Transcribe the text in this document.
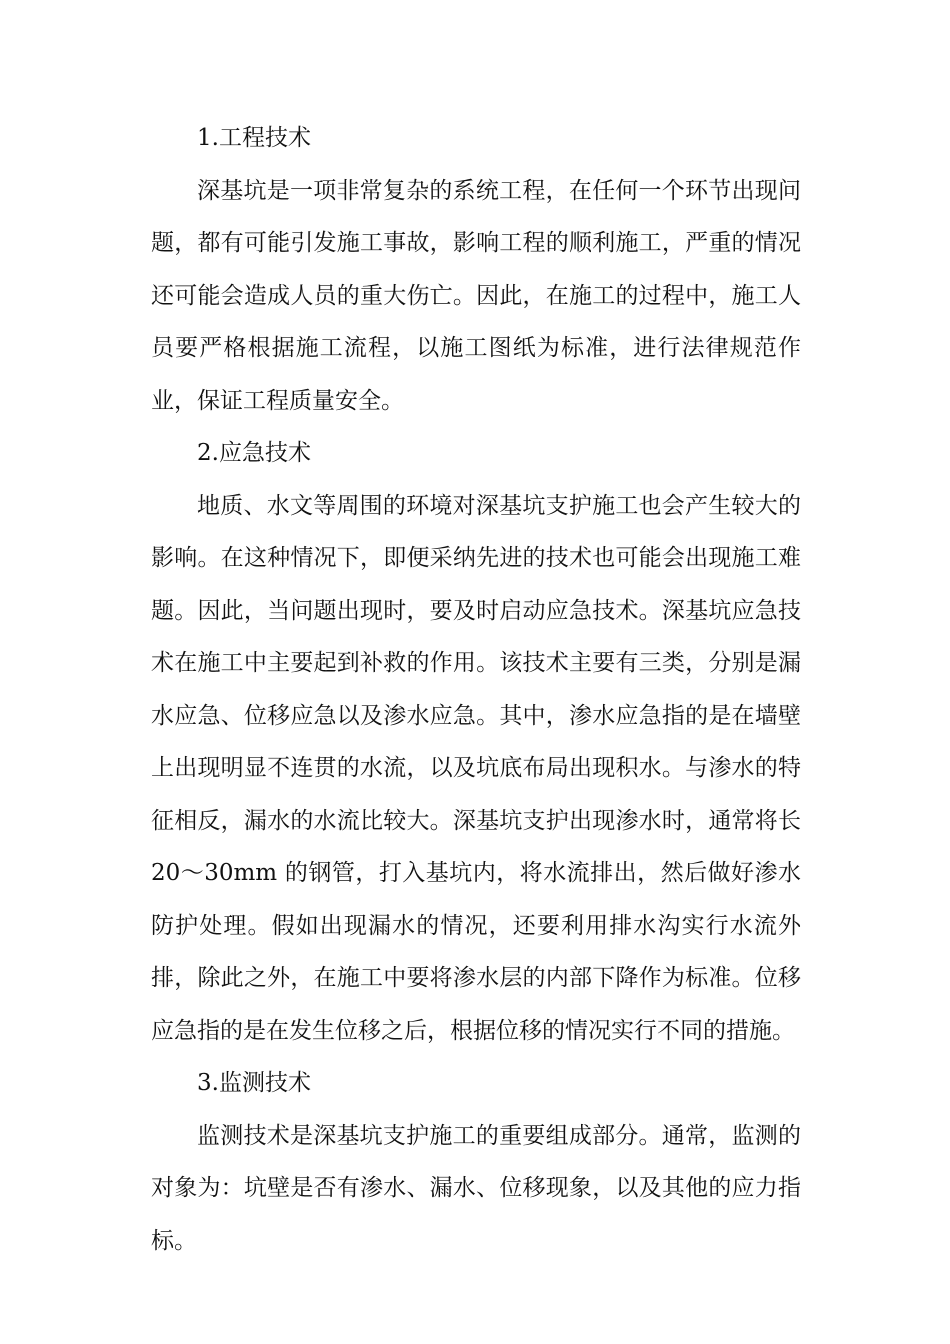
1.工程技术

深基坑是一项非常复杂的系统工程，在任何一个环节出现问题，都有可能引发施工事故，影响工程的顺利施工，严重的情况还可能会造成人员的重大伤亡。因此，在施工的过程中，施工人员要严格根据施工流程，以施工图纸为标准，进行法律规范作业，保证工程质量安全。

2.应急技术

地质、水文等周围的环境对深基坑支护施工也会产生较大的影响。在这种情况下，即便采纳先进的技术也可能会出现施工难题。因此，当问题出现时，要及时启动应急技术。深基坑应急技术在施工中主要起到补救的作用。该技术主要有三类，分别是漏水应急、位移应急以及渗水应急。其中，渗水应急指的是在墙壁上出现明显不连贯的水流，以及坑底布局出现积水。与渗水的特征相反，漏水的水流比较大。深基坑支护出现渗水时，通常将长 20～30mm 的钢管，打入基坑内，将水流排出，然后做好渗水防护处理。假如出现漏水的情况，还要利用排水沟实行水流外排，除此之外，在施工中要将渗水层的内部下降作为标准。位移应急指的是在发生位移之后，根据位移的情况实行不同的措施。

3.监测技术

监测技术是深基坑支护施工的重要组成部分。通常，监测的对象为：坑壁是否有渗水、漏水、位移现象，以及其他的应力指标。
